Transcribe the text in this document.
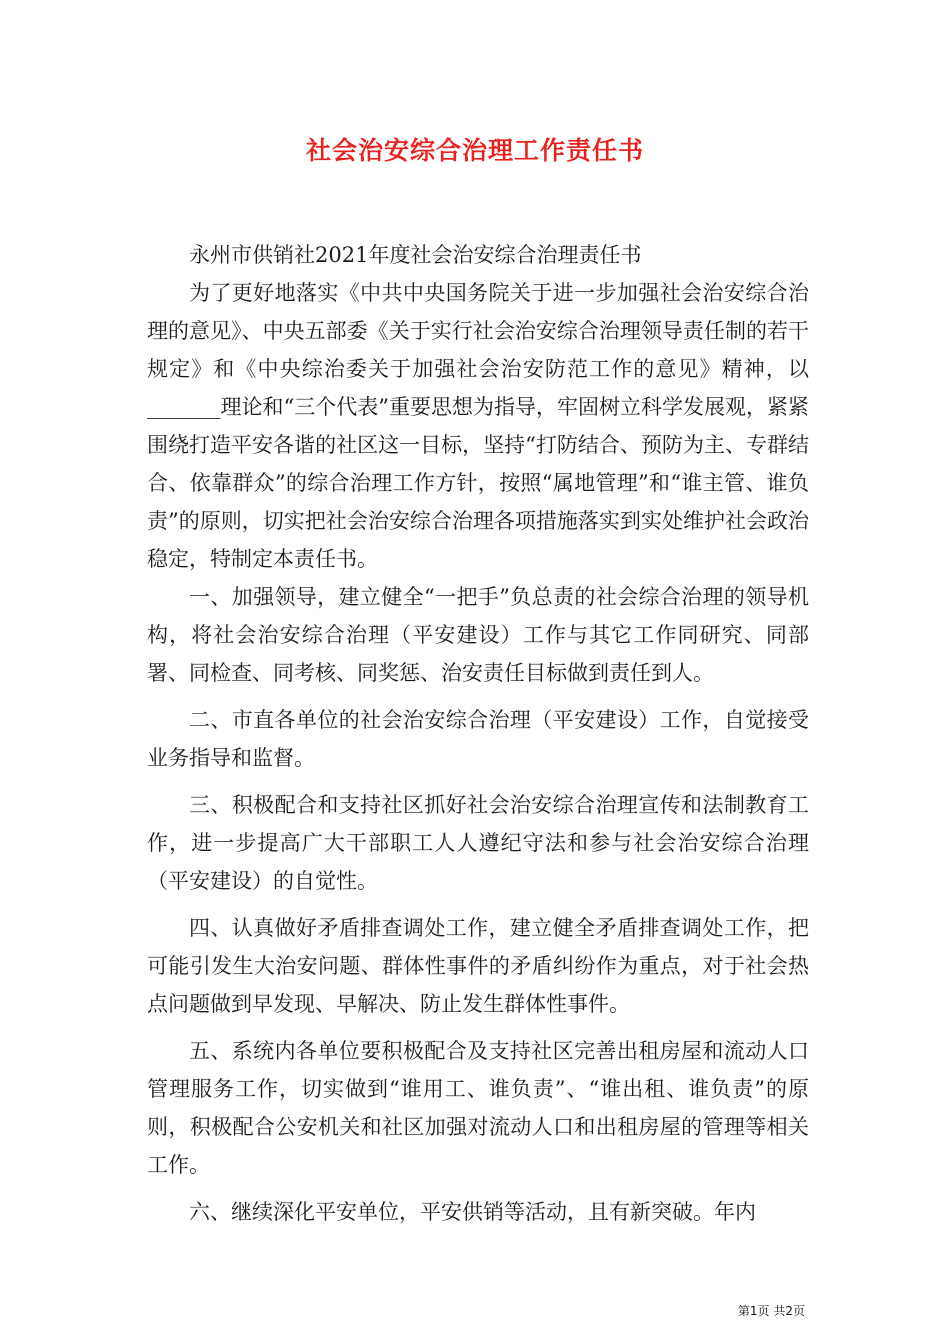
社会治安综合治理工作责任书

永州市供销社2021年度社会治安综合治理责任书

为了更好地落实《中共中央国务院关于进一步加强社会治安综合治理的意见》、中央五部委《关于实行社会治安综合治理领导责任制的若干规定》和《中央综治委关于加强社会治安防范工作的意见》精神，以_______理论和“三个代表”重要思想为指导，牢固树立科学发展观，紧紧围绕打造平安各谐的社区这一目标，坚持“打防结合、预防为主、专群结合、依靠群众”的综合治理工作方针，按照“属地管理”和“谁主管、谁负责”的原则，切实把社会治安综合治理各项措施落实到实处维护社会政治稳定，特制定本责任书。

一、加强领导，建立健全“一把手”负总责的社会综合治理的领导机构，将社会治安综合治理（平安建设）工作与其它工作同研究、同部署、同检查、同考核、同奖惩、治安责任目标做到责任到人。

二、市直各单位的社会治安综合治理（平安建设）工作，自觉接受业务指导和监督。

三、积极配合和支持社区抓好社会治安综合治理宣传和法制教育工作，进一步提高广大干部职工人人遵纪守法和参与社会治安综合治理（平安建设）的自觉性。

四、认真做好矛盾排查调处工作，建立健全矛盾排查调处工作，把可能引发生大治安问题、群体性事件的矛盾纠纷作为重点，对于社会热点问题做到早发现、早解决、防止发生群体性事件。

五、系统内各单位要积极配合及支持社区完善出租房屋和流动人口管理服务工作，切实做到“谁用工、谁负责”、“谁出租、谁负责”的原则，积极配合公安机关和社区加强对流动人口和出租房屋的管理等相关工作。

六、继续深化平安单位，平安供销等活动，且有新突破。年内

第1页 共2页
